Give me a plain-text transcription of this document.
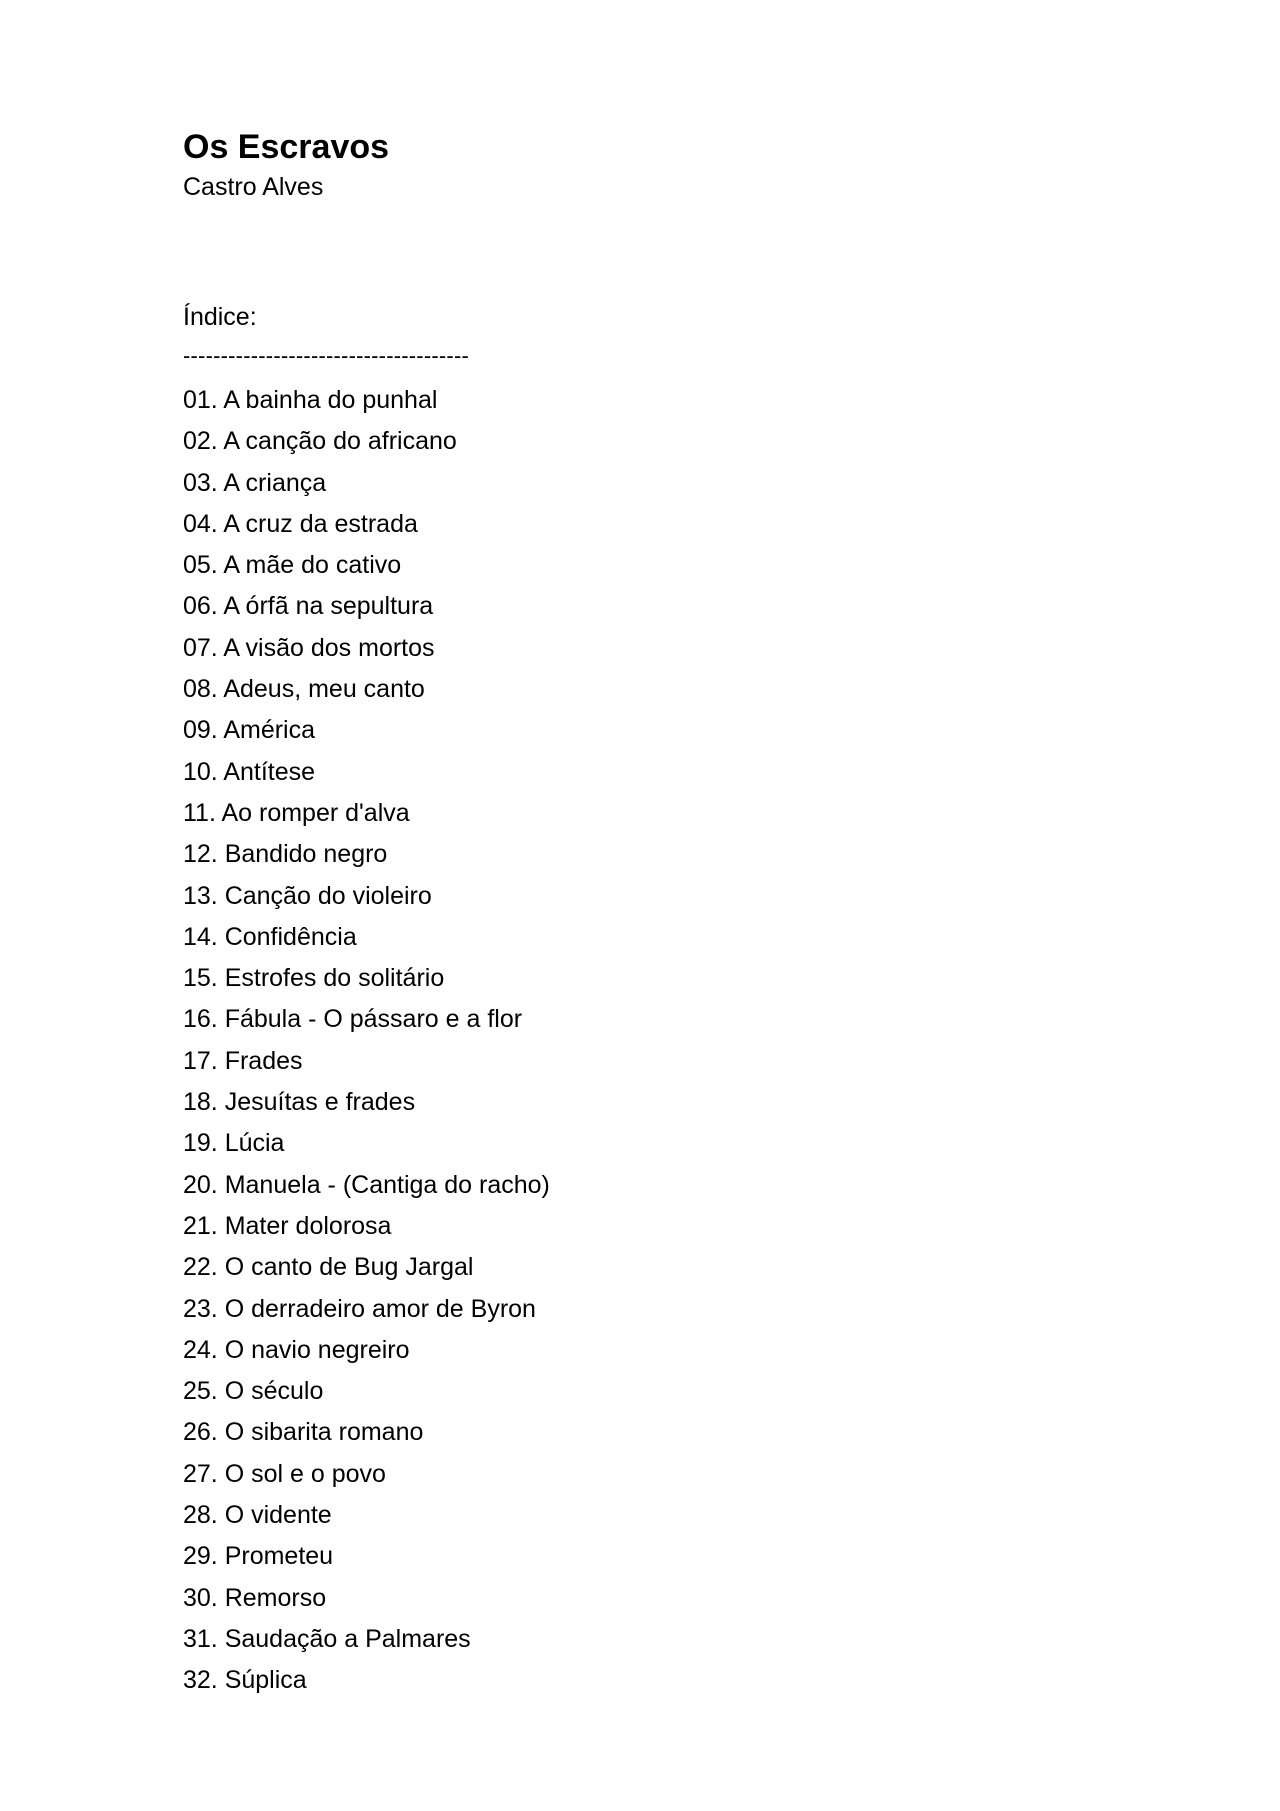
Os Escravos

Castro Alves

Índice:

--------------------------------------
01. A bainha do punhal
02. A canção do africano
03. A criança
04. A cruz da estrada
05. A mãe do cativo
06. A órfã na sepultura
07. A visão dos mortos
08. Adeus, meu canto
09. América
10. Antítese
11. Ao romper d'alva
12. Bandido negro
13. Canção do violeiro
14. Confidência
15. Estrofes do solitário
16. Fábula - O pássaro e a flor
17. Frades
18. Jesuítas e frades
19. Lúcia
20. Manuela - (Cantiga do racho)
21. Mater dolorosa
22. O canto de Bug Jargal
23. O derradeiro amor de Byron
24. O navio negreiro
25. O século
26. O sibarita romano
27. O sol e o povo
28. O vidente
29. Prometeu
30. Remorso
31. Saudação a Palmares
32. Súplica
